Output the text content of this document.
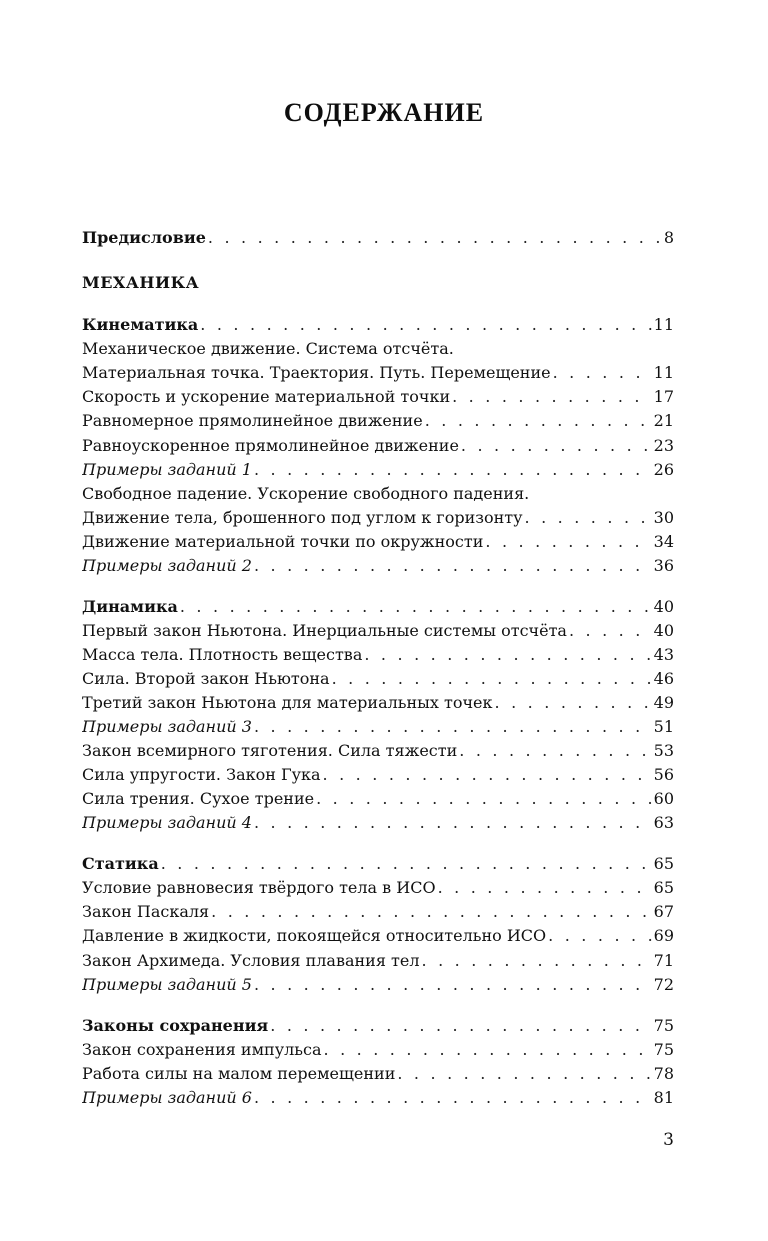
СОДЕРЖАНИЕ
Предисловие . . .	8
МЕХАНИКА
Кинематика . . .	11
Механическое движение. Система отсчёта.
Материальная точка. Траектория. Путь. Перемещение . . .	11
Скорость и ускорение материальной точки . . .	17
Равномерное прямолинейное движение . . .	21
Равноускоренное прямолинейное движение . . .	23
Примеры заданий 1 . . .	26
Свободное падение. Ускорение свободного падения.
Движение тела, брошенного под углом к горизонту . . .	30
Движение материальной точки по окружности . . .	34
Примеры заданий 2 . . .	36
Динамика . . .	40
Первый закон Ньютона. Инерциальные системы отсчёта . . .	40
Масса тела. Плотность вещества . . .	43
Сила. Второй закон Ньютона . . .	46
Третий закон Ньютона для материальных точек . . .	49
Примеры заданий 3 . . .	51
Закон всемирного тяготения. Сила тяжести . . .	53
Сила упругости. Закон Гука . . .	56
Сила трения. Сухое трение . . .	60
Примеры заданий 4 . . .	63
Статика . . .	65
Условие равновесия твёрдого тела в ИСО . . .	65
Закон Паскаля . . .	67
Давление в жидкости, покоящейся относительно ИСО . . .	69
Закон Архимеда. Условия плавания тел . . .	71
Примеры заданий 5 . . .	72
Законы сохранения . . .	75
Закон сохранения импульса . . .	75
Работа силы на малом перемещении . . .	78
Примеры заданий 6 . . .	81
3
